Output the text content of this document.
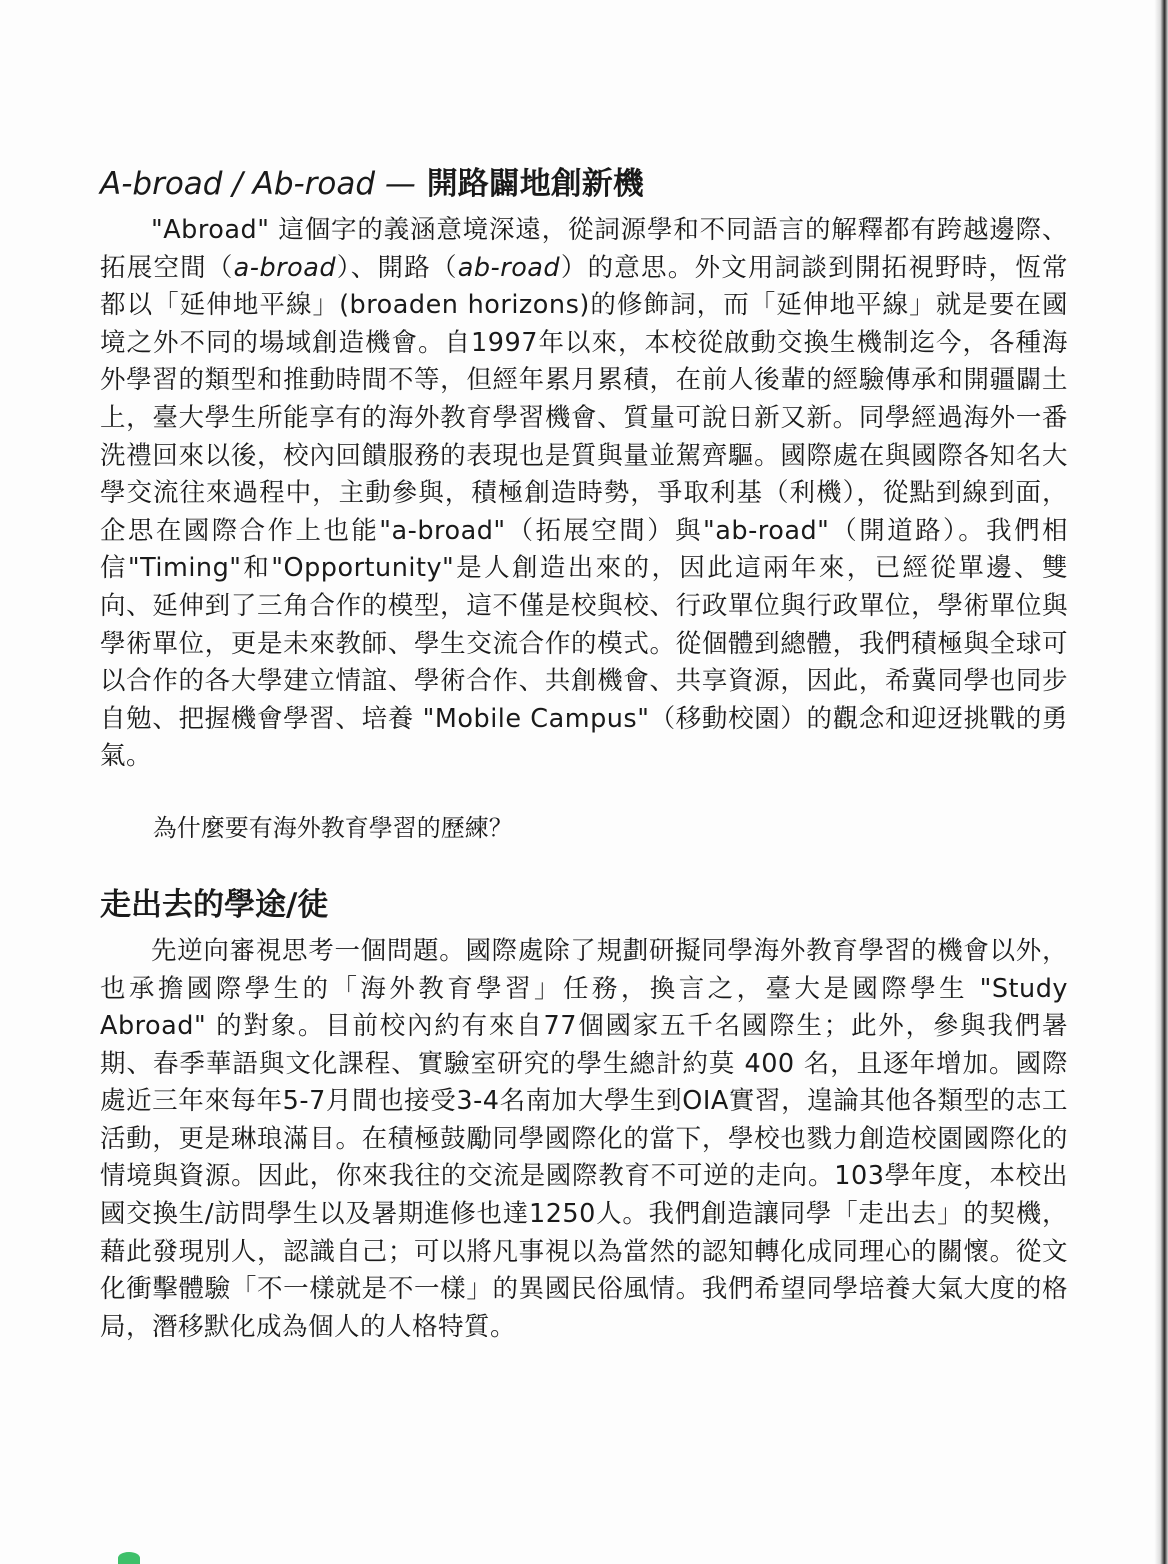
A-broad / Ab-road — 開路闢地創新機

"Abroad" 這個字的義涵意境深遠，從詞源學和不同語言的解釋都有跨越邊際、拓展空間（a-broad）、開路（ab-road）的意思。外文用詞談到開拓視野時，恆常都以「延伸地平線」(broaden horizons)的修飾詞，而「延伸地平線」就是要在國境之外不同的場域創造機會。自1997年以來，本校從啟動交換生機制迄今，各種海外學習的類型和推動時間不等，但經年累月累積，在前人後輩的經驗傳承和開疆闢土上，臺大學生所能享有的海外教育學習機會、質量可說日新又新。同學經過海外一番洗禮回來以後，校內回饋服務的表現也是質與量並駕齊驅。國際處在與國際各知名大學交流往來過程中，主動參與，積極創造時勢，爭取利基（利機），從點到線到面，企思在國際合作上也能"a-broad"（拓展空間）與"ab-road"（開道路）。我們相信"Timing"和"Opportunity"是人創造出來的，因此這兩年來，已經從單邊、雙向、延伸到了三角合作的模型，這不僅是校與校、行政單位與行政單位，學術單位與學術單位，更是未來教師、學生交流合作的模式。從個體到總體，我們積極與全球可以合作的各大學建立情誼、學術合作、共創機會、共享資源，因此，希冀同學也同步自勉、把握機會學習、培養 "Mobile Campus"（移動校園）的觀念和迎迓挑戰的勇氣。

為什麼要有海外教育學習的歷練？

走出去的學途/徒

先逆向審視思考一個問題。國際處除了規劃研擬同學海外教育學習的機會以外，也承擔國際學生的「海外教育學習」任務，換言之，臺大是國際學生 "Study Abroad" 的對象。目前校內約有來自77個國家五千名國際生；此外，參與我們暑期、春季華語與文化課程、實驗室研究的學生總計約莫 400 名，且逐年增加。國際處近三年來每年5-7月間也接受3-4名南加大學生到OIA實習，遑論其他各類型的志工活動，更是琳琅滿目。在積極鼓勵同學國際化的當下，學校也戮力創造校園國際化的情境與資源。因此，你來我往的交流是國際教育不可逆的走向。103學年度，本校出國交換生/訪問學生以及暑期進修也達1250人。我們創造讓同學「走出去」的契機，藉此發現別人，認識自己；可以將凡事視以為當然的認知轉化成同理心的關懷。從文化衝擊體驗「不一樣就是不一樣」的異國民俗風情。我們希望同學培養大氣大度的格局，潛移默化成為個人的人格特質。
